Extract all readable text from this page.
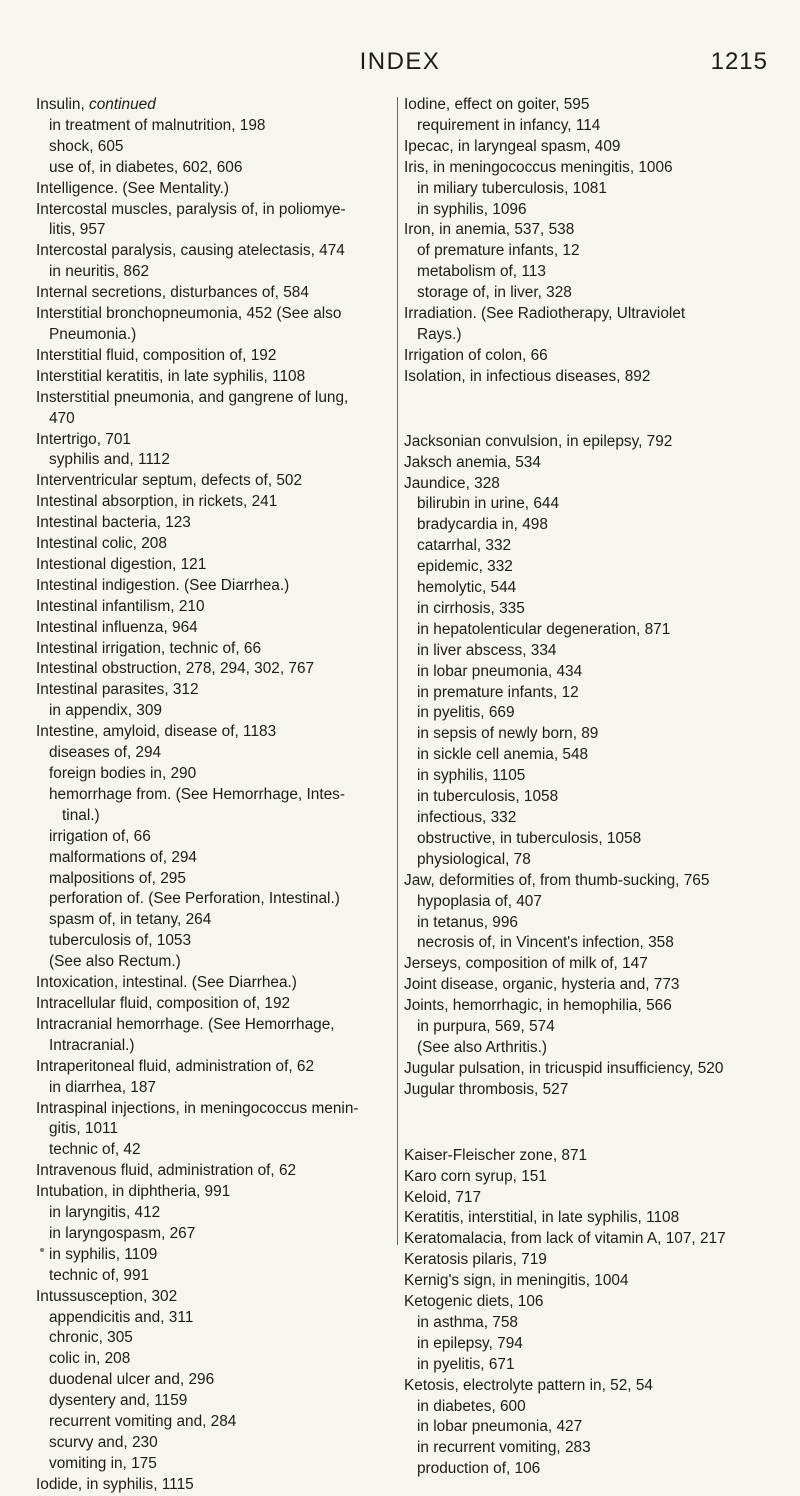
INDEX	1215
Insulin, continued
in treatment of malnutrition, 198
shock, 605
use of, in diabetes, 602, 606
Intelligence. (See Mentality.)
Intercostal muscles, paralysis of, in poliomye-
litis, 957
Intercostal paralysis, causing atelectasis, 474
in neuritis, 862
Internal secretions, disturbances of, 584
Interstitial bronchopneumonia, 452 (See also
Pneumonia.)
Interstitial fluid, composition of, 192
Interstitial keratitis, in late syphilis, 1108
Insterstitial pneumonia, and gangrene of lung,
470
Intertrigo, 701
syphilis and, 1112
Interventricular septum, defects of, 502
Intestinal absorption, in rickets, 241
Intestinal bacteria, 123
Intestinal colic, 208
Intestional digestion, 121
Intestinal indigestion. (See Diarrhea.)
Intestinal infantilism, 210
Intestinal influenza, 964
Intestinal irrigation, technic of, 66
Intestinal obstruction, 278, 294, 302, 767
Intestinal parasites, 312
in appendix, 309
Intestine, amyloid, disease of, 1183
diseases of, 294
foreign bodies in, 290
hemorrhage from. (See Hemorrhage, Intes-
tinal.)
irrigation of, 66
malformations of, 294
malpositions of, 295
perforation of. (See Perforation, Intestinal.)
spasm of, in tetany, 264
tuberculosis of, 1053
(See also Rectum.)
Intoxication, intestinal. (See Diarrhea.)
Intracellular fluid, composition of, 192
Intracranial hemorrhage. (See Hemorrhage,
Intracranial.)
Intraperitoneal fluid, administration of, 62
in diarrhea, 187
Intraspinal injections, in meningococcus menin-
gitis, 1011
technic of, 42
Intravenous fluid, administration of, 62
Intubation, in diphtheria, 991
in laryngitis, 412
in laryngospasm, 267
in syphilis, 1109
technic of, 991
Intussusception, 302
appendicitis and, 311
chronic, 305
colic in, 208
duodenal ulcer and, 296
dysentery and, 1159
recurrent vomiting and, 284
scurvy and, 230
vomiting in, 175
Iodide, in syphilis, 1115
Iodine, effect on goiter, 595
requirement in infancy, 114
Ipecac, in laryngeal spasm, 409
Iris, in meningococcus meningitis, 1006
in miliary tuberculosis, 1081
in syphilis, 1096
Iron, in anemia, 537, 538
of premature infants, 12
metabolism of, 113
storage of, in liver, 328
Irradiation. (See Radiotherapy, Ultraviolet
Rays.)
Irrigation of colon, 66
Isolation, in infectious diseases, 892
Jacksonian convulsion, in epilepsy, 792
Jaksch anemia, 534
Jaundice, 328
bilirubin in urine, 644
bradycardia in, 498
catarrhal, 332
epidemic, 332
hemolytic, 544
in cirrhosis, 335
in hepatolenticular degeneration, 871
in liver abscess, 334
in lobar pneumonia, 434
in premature infants, 12
in pyelitis, 669
in sepsis of newly born, 89
in sickle cell anemia, 548
in syphilis, 1105
in tuberculosis, 1058
infectious, 332
obstructive, in tuberculosis, 1058
physiological, 78
Jaw, deformities of, from thumb-sucking, 765
hypoplasia of, 407
in tetanus, 996
necrosis of, in Vincent's infection, 358
Jerseys, composition of milk of, 147
Joint disease, organic, hysteria and, 773
Joints, hemorrhagic, in hemophilia, 566
in purpura, 569, 574
(See also Arthritis.)
Jugular pulsation, in tricuspid insufficiency, 520
Jugular thrombosis, 527
Kaiser-Fleischer zone, 871
Karo corn syrup, 151
Keloid, 717
Keratitis, interstitial, in late syphilis, 1108
Keratomalacia, from lack of vitamin A, 107, 217
Keratosis pilaris, 719
Kernig's sign, in meningitis, 1004
Ketogenic diets, 106
in asthma, 758
in epilepsy, 794
in pyelitis, 671
Ketosis, electrolyte pattern in, 52, 54
in diabetes, 600
in lobar pneumonia, 427
in recurrent vomiting, 283
production of, 106
